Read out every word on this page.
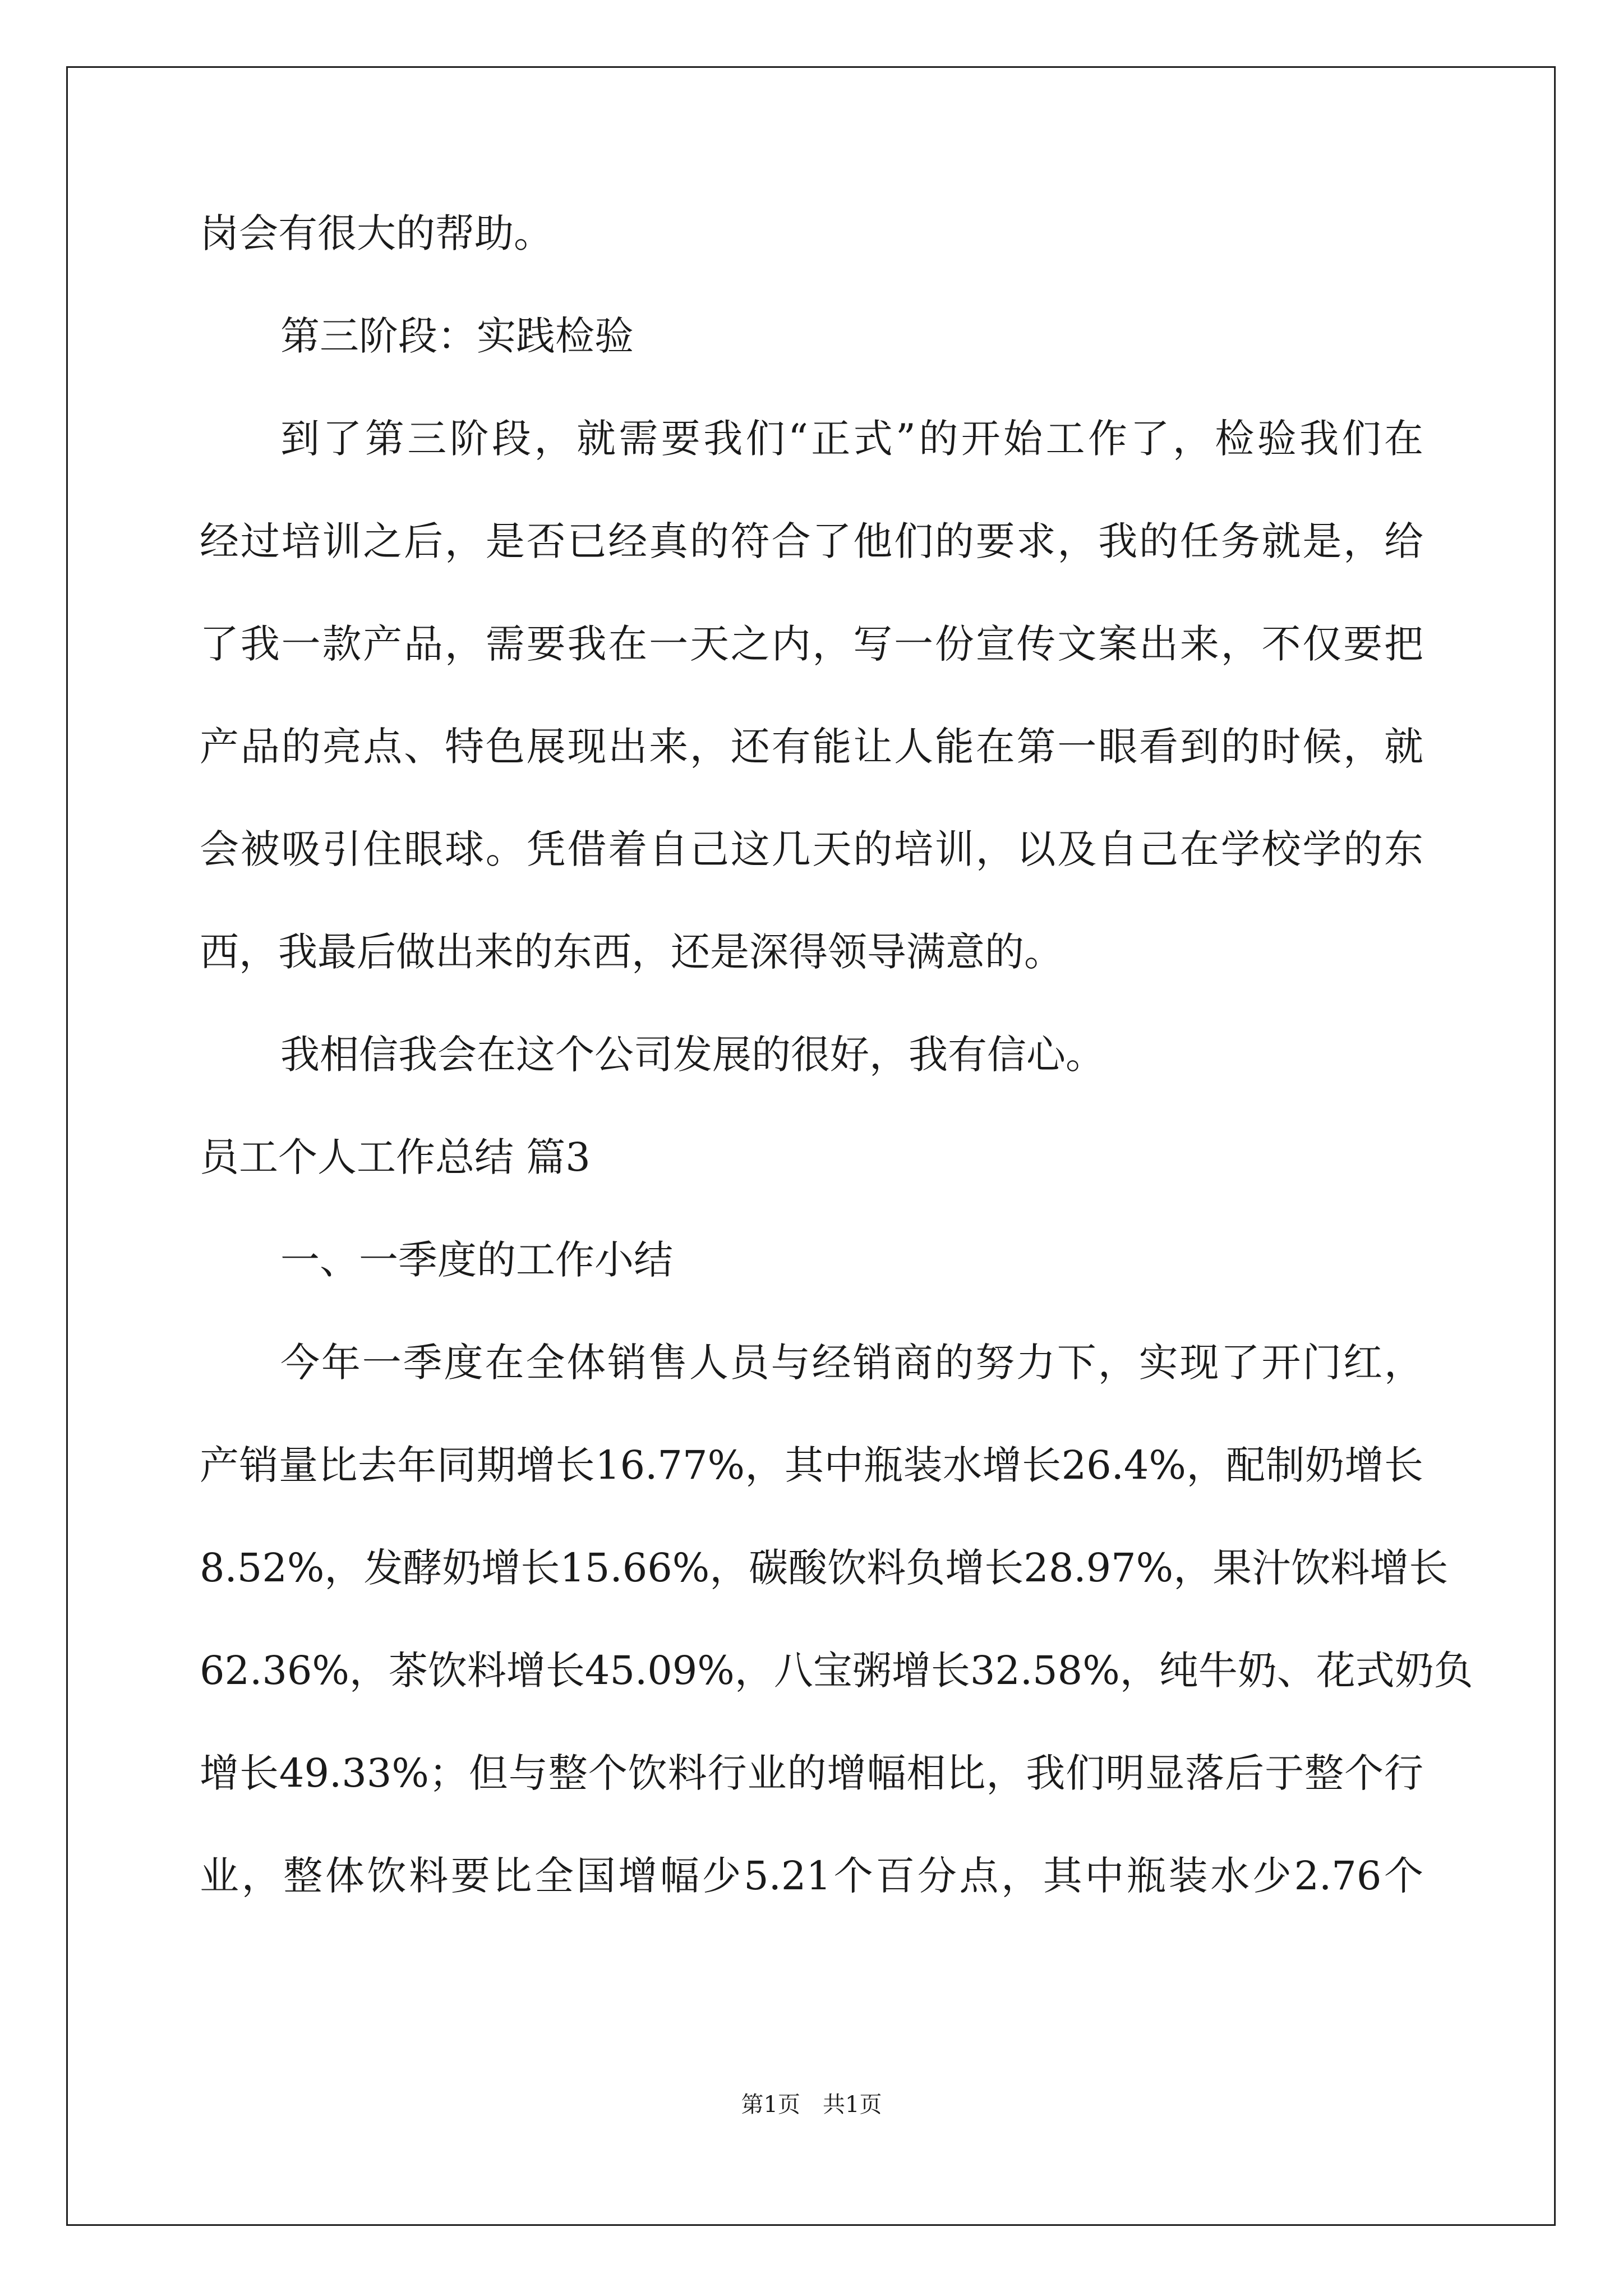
岗会有很大的帮助。
第三阶段：实践检验
到了第三阶段，就需要我们“正式”的开始工作了，检验我们在
经过培训之后，是否已经真的符合了他们的要求，我的任务就是，给
了我一款产品，需要我在一天之内，写一份宣传文案出来，不仅要把
产品的亮点、特色展现出来，还有能让人能在第一眼看到的时候，就
会被吸引住眼球。凭借着自己这几天的培训，以及自己在学校学的东
西，我最后做出来的东西，还是深得领导满意的。
我相信我会在这个公司发展的很好，我有信心。
员工个人工作总结 篇3
一、一季度的工作小结
今年一季度在全体销售人员与经销商的努力下，实现了开门红，
产销量比去年同期增长16.77%，其中瓶装水增长26.4%，配制奶增长
8.52%，发酵奶增长15.66%，碳酸饮料负增长28.97%，果汁饮料增长
62.36%，茶饮料增长45.09%，八宝粥增长32.58%，纯牛奶、花式奶负
增长49.33%；但与整个饮料行业的增幅相比，我们明显落后于整个行
业，整体饮料要比全国增幅少5.21个百分点，其中瓶装水少2.76个
第1页　共1页
